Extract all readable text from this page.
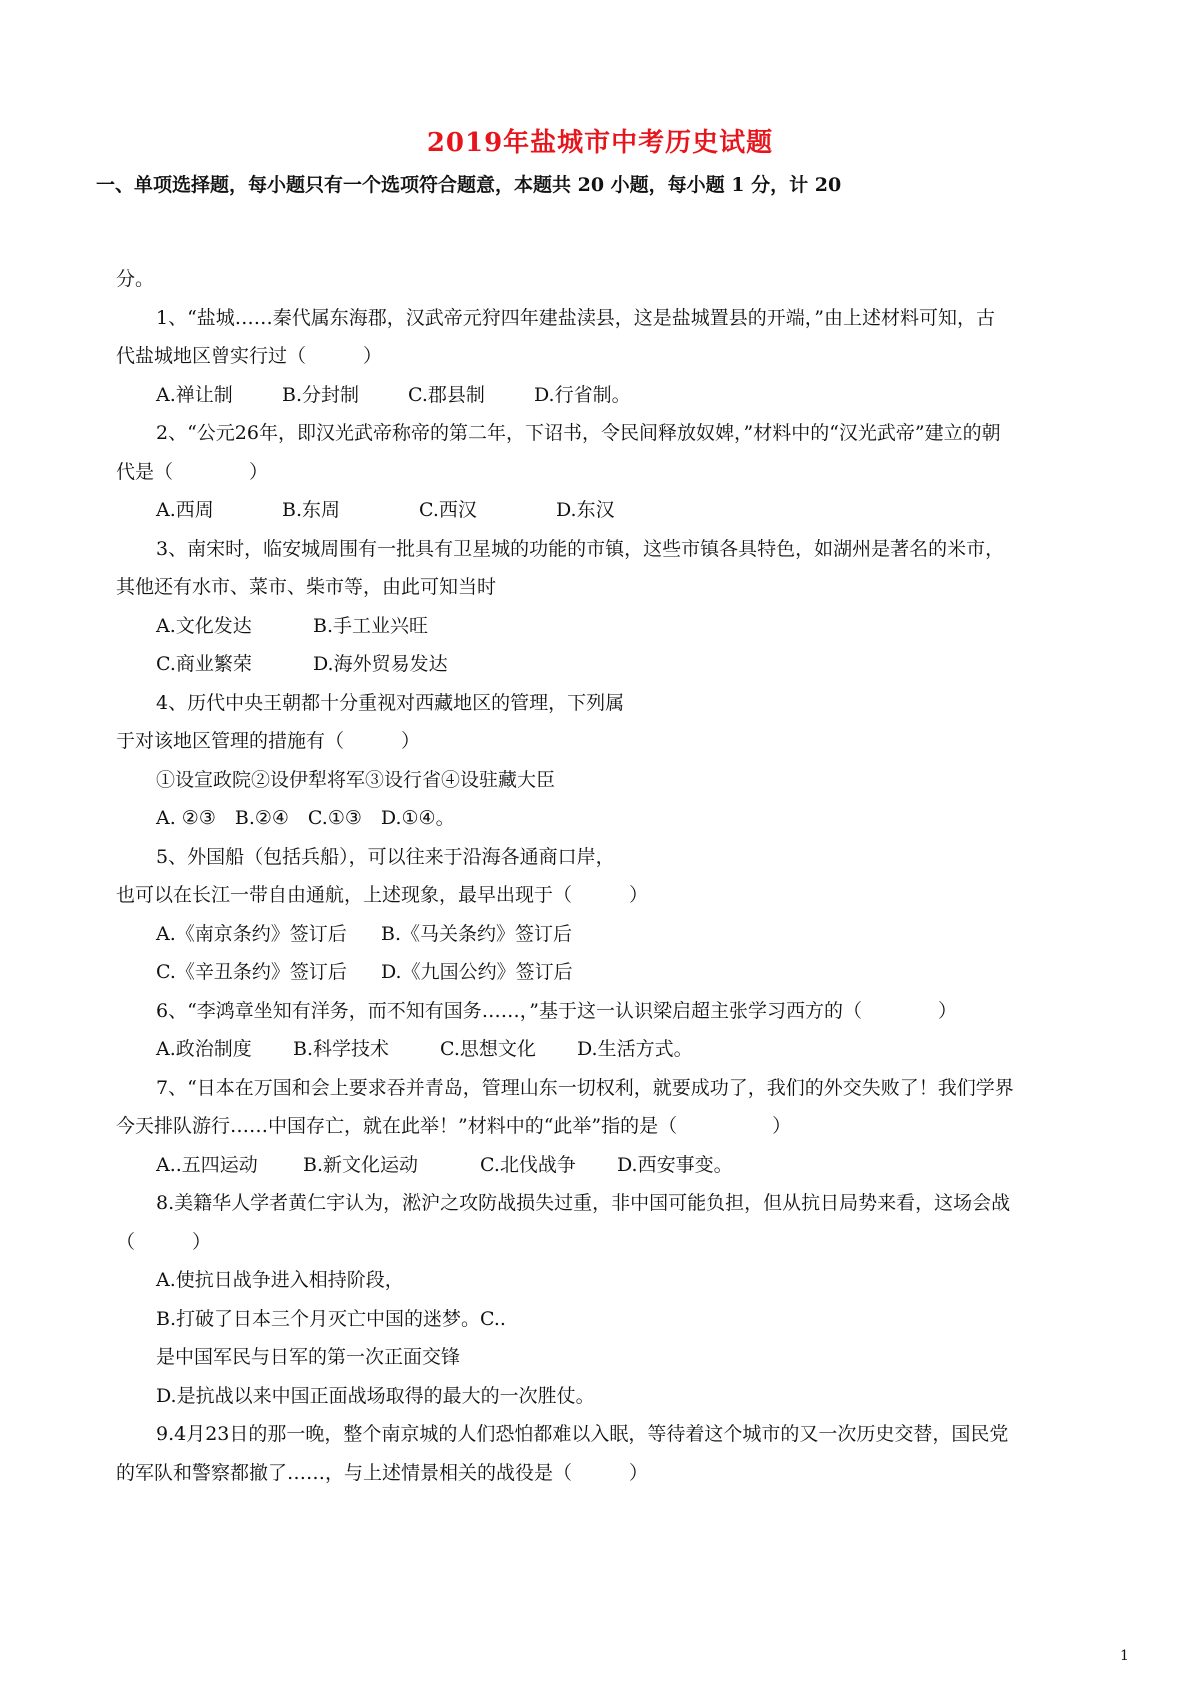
2019年盐城市中考历史试题
一、单项选择题，每小题只有一个选项符合题意，本题共 20 小题，每小题 1 分，计 20
分。
1、“盐城……秦代属东海郡，汉武帝元狩四年建盐渎县，这是盐城置县的开端，”由上述材料可知，古
代盐城地区曾实行过（　　　）
A.禅让制	B.分封制	C.郡县制	D.行省制。
2、“公元26年，即汉光武帝称帝的第二年，下诏书，令民间释放奴婢，”材料中的“汉光武帝”建立的朝
代是（　　　　）
A.西周	B.东周	C.西汉	D.东汉
3、南宋时，临安城周围有一批具有卫星城的功能的市镇，这些市镇各具特色，如湖州是著名的米市，
其他还有水市、菜市、柴市等，由此可知当时
A.文化发达	B.手工业兴旺
C.商业繁荣	D.海外贸易发达
4、历代中央王朝都十分重视对西藏地区的管理，下列属
于对该地区管理的措施有（　　　）
①设宣政院②设伊犁将军③设行省④设驻藏大臣
A. ②③　B.②④　C.①③　D.①④。
5、外国船（包括兵船），可以往来于沿海各通商口岸，
也可以在长江一带自由通航，上述现象，最早出现于（　　　）
A.《南京条约》签订后	B.《马关条约》签订后
C.《辛丑条约》签订后	D.《九国公约》签订后
6、“李鸿章坐知有洋务，而不知有国务……，”基于这一认识梁启超主张学习西方的（　　　　）
A.政治制度	B.科学技术	C.思想文化	D.生活方式。
7、“日本在万国和会上要求吞并青岛，管理山东一切权利，就要成功了，我们的外交失败了！我们学界
今天排队游行……中国存亡，就在此举！”材料中的“此举”指的是（　　　　　）
A..五四运动	B.新文化运动	C.北伐战争	D.西安事变。
8.美籍华人学者黄仁宇认为，淞沪之攻防战损失过重，非中国可能负担，但从抗日局势来看，这场会战
（　　　）
A.使抗日战争进入相持阶段，
B.打破了日本三个月灭亡中国的迷梦。C..
是中国军民与日军的第一次正面交锋
D.是抗战以来中国正面战场取得的最大的一次胜仗。
9.4月23日的那一晚，整个南京城的人们恐怕都难以入眠，等待着这个城市的又一次历史交替，国民党
的军队和警察都撤了……，与上述情景相关的战役是（　　　）
1
